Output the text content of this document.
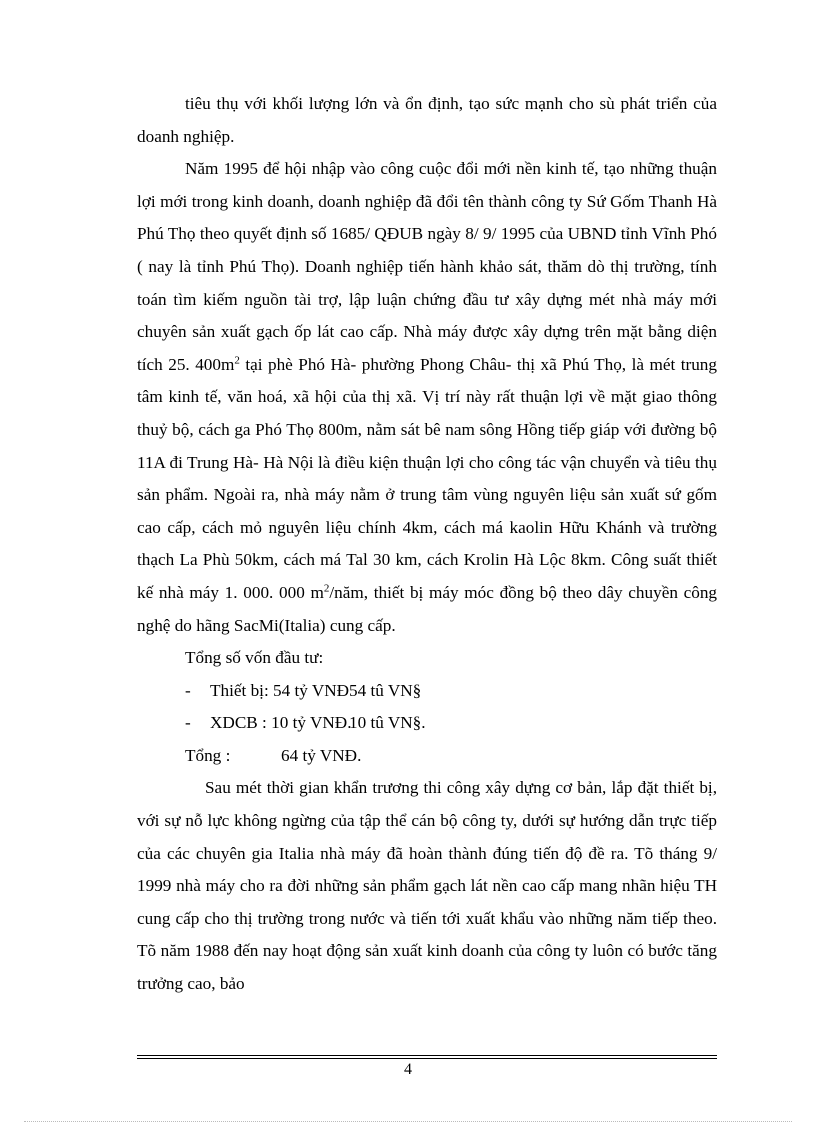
tiêu thụ với khối lượng lớn và ổn định, tạo sức mạnh cho sù phát triển của doanh nghiệp.

Năm 1995 để hội nhập vào công cuộc đổi mới nền kinh tế, tạo những thuận lợi mới trong kinh doanh, doanh nghiệp đã đổi tên thành công ty Sứ Gốm Thanh Hà Phú Thọ theo quyết định số 1685/ QĐUB ngày 8/ 9/ 1995 của UBND tỉnh Vĩnh Phó ( nay là tỉnh Phú Thọ). Doanh nghiệp tiến hành khảo sát, thăm dò thị trường, tính toán tìm kiếm nguồn tài trợ, lập luận chứng đầu tư xây dựng mét nhà máy mới chuyên sản xuất gạch ốp lát cao cấp. Nhà máy được xây dựng trên mặt bằng diện tích 25. $400m^2$ tại phè Phó Hà- phường Phong Châu- thị xã Phú Thọ, là mét trung tâm kinh tế, văn hoá, xã hội của thị xã. Vị trí này rất thuận lợi về mặt giao thông thuỷ bộ, cách ga Phó Thọ 800m, nằm sát bê nam sông Hồng tiếp giáp với đường bộ 11A đi Trung Hà- Hà Nội là điều kiện thuận lợi cho công tác vận chuyển và tiêu thụ sản phẩm. Ngoài ra, nhà máy nằm ở trung tâm vùng nguyên liệu sản xuất sứ gốm cao cấp, cách mỏ nguyên liệu chính 4km, cách má kaolin Hữu Khánh và trường thạch La Phù 50km, cách má Tal 30 km, cách Krolin Hà Lộc 8km. Công suất thiết kế nhà máy 1. 000. 000 $m^2$/năm, thiết bị máy móc đồng bộ theo dây chuyền công nghệ do hãng SacMi(Italia) cung cấp.

Tổng số vốn đầu tư:

-	Thiết bị: 54 tỷ VNĐ 54 tû VN§
-	XDCB : 10 tỷ VNĐ.
10 tû VN§.
Tổng :	64 tỷ VNĐ.

Sau mét thời gian khẩn trương thi công xây dựng cơ bản, lắp đặt thiết bị, với sự nỗ lực không ngừng của tập thể cán bộ công ty, dưới sự hướng dẫn trực tiếp của các chuyên gia Italia nhà máy đã hoàn thành đúng tiến độ đề ra. Tõ tháng 9/ 1999 nhà máy cho ra đời những sản phẩm gạch lát nền cao cấp mang nhãn hiệu TH cung cấp cho thị trường trong nước và tiến tới xuất khẩu vào những năm tiếp theo. Tõ năm 1988 đến nay hoạt động sản xuất kinh doanh của công ty luôn có bước tăng trưởng cao, bảo

4
